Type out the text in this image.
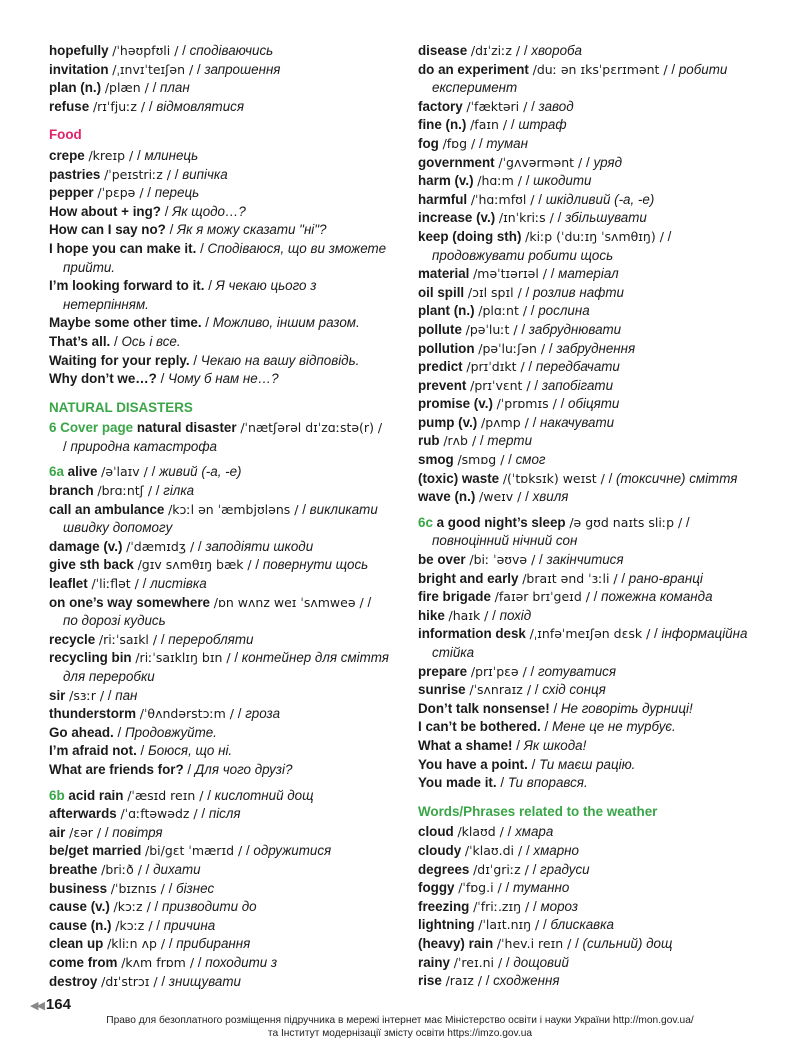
hopefully /ˈhəʊpfʊli / / сподіваючись
invitation /ˌɪnvɪˈteɪʃən / / запрошення
plan (n.) /plæn / / план
refuse /rɪˈfjuːz / / відмовлятися
Food
crepe /kreɪp / / млинець
pastries /ˈpeɪstriːz / / випічка
pepper /ˈpɛpə / / перець
How about + ing? / Як щодо…?
How can I say no? / Як я можу сказати "ні"?
I hope you can make it. / Сподіваюся, що ви зможете прийти.
I’m looking forward to it. / Я чекаю цього з нетерпінням.
Maybe some other time. / Можливо, іншим разом.
That’s all. / Ось і все.
Waiting for your reply. / Чекаю на вашу відповідь.
Why don’t we…? / Чому б нам не…?
NATURAL DISASTERS
6 Cover page natural disaster /ˈnætʃərəl dɪˈzɑːstə(r) / / природна катастрофа
6a alive /əˈlaɪv / / живий (-а, -е)
branch /brɑːntʃ / / гілка
call an ambulance /kɔːl ən ˈæmbjʊləns / / викликати швидку допомогу
damage (v.) /ˈdæmɪdʒ / / заподіяти шкоди
give sth back /gɪv sʌmθɪŋ bæk / / повернути щось
leaflet /ˈliːflət / / листівка
on one’s way somewhere /ɒn wʌnz weɪ ˈsʌmweə / / по дорозі кудись
recycle /riːˈsaɪkl / / переробляти
recycling bin /riːˈsaɪklɪŋ bɪn / / контейнер для сміття для переробки
sir /sɜːr / / пан
thunderstorm /ˈθʌndərstɔːm / / гроза
Go ahead. / Продовжуйте.
I’m afraid not. / Боюся, що ні.
What are friends for? / Для чого друзі?
6b acid rain /ˈæsɪd reɪn / / кислотний дощ
afterwards /ˈɑːftəwədz / / після
air /ɛər / / повітря
be/get married /bi/gɛt ˈmærɪd / / одружитися
breathe /briːð / / дихати
business /ˈbɪznɪs / / бізнес
cause (v.) /kɔːz / / призводити до
cause (n.) /kɔːz / / причина
clean up /kliːn ʌp / / прибирання
come from /kʌm frɒm / / походити з
destroy /dɪˈstrɔɪ / / знищувати
disease /dɪˈziːz / / хвороба
do an experiment /duː ən ɪksˈpɛrɪmənt / / робити експеримент
factory /ˈfæktəri / / завод
fine (n.) /faɪn / / штраф
fog /fɒg / / туман
government /ˈgʌvərmənt / / уряд
harm (v.) /hɑːm / / шкодити
harmful /ˈhɑːmfʊl / / шкідливий (-а, -е)
increase (v.) /ɪnˈkriːs / / збільшувати
keep (doing sth) /kiːp (ˈduːɪŋ ˈsʌmθɪŋ) / / продовжувати робити щось
material /məˈtɪərɪəl / / матеріал
oil spill /ɔɪl spɪl / / розлив нафти
plant (n.) /plɑːnt / / рослина
pollute /pəˈluːt / / забруднювати
pollution /pəˈluːʃən / / забруднення
predict /prɪˈdɪkt / / передбачати
prevent /prɪˈvɛnt / / запобігати
promise (v.) /ˈprɒmɪs / / обіцяти
pump (v.) /pʌmp / / накачувати
rub /rʌb / / терти
smog /smɒg / / смог
(toxic) waste /(ˈtɒksɪk) weɪst / / (токсичне) сміття
wave (n.) /weɪv / / хвиля
6c a good night’s sleep /ə gʊd naɪts sliːp / / повноцінний нічний сон
be over /biː ˈəʊvə / / закінчитися
bright and early /braɪt ənd ˈɜːli / / рано-вранці
fire brigade /faɪər brɪˈgeɪd / / пожежна команда
hike /haɪk / / похід
information desk /ˌɪnfəˈmeɪʃən dɛsk / / інформаційна стійка
prepare /prɪˈpɛə / / готуватися
sunrise /ˈsʌnraɪz / / схід сонця
Don’t talk nonsense! / Не говоріть дурниці!
I can’t be bothered. / Мене це не турбує.
What a shame! / Як шкода!
You have a point. / Ти маєш рацію.
You made it. / Ти впорався.
Words/Phrases related to the weather
cloud /klaʊd / / хмара
cloudy /ˈklaʊ.di / / хмарно
degrees /dɪˈgriːz / / градуси
foggy /ˈfɒg.i / / туманно
freezing /ˈfriː.zɪŋ / / мороз
lightning /ˈlaɪt.nɪŋ / / блискавка
(heavy) rain /ˈhev.i reɪn / / (сильний) дощ
rainy /ˈreɪ.ni / / дощовий
rise /raɪz / / сходження
◀◀ 164
Право для безоплатного розміщення підручника в мережі інтернет має Міністерство освіти і науки України http://mon.gov.ua/
та Інститут модернізації змісту освіти https://imzo.gov.ua
